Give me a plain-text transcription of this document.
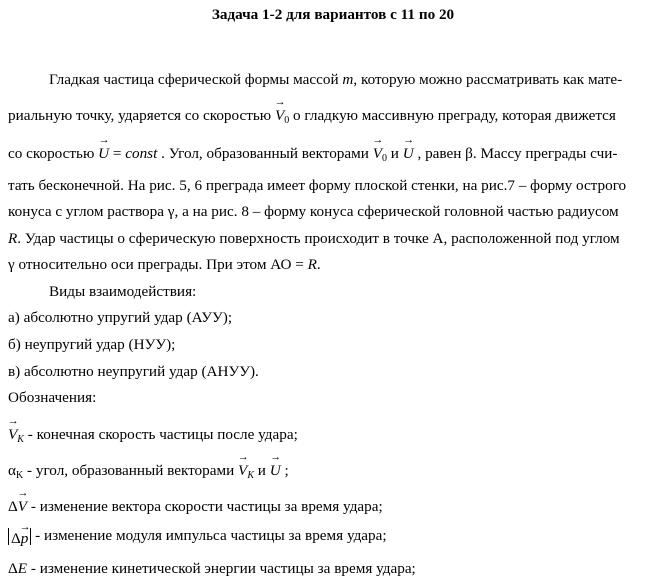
Задача 1-2 для вариантов с 11 по 20
Гладкая частица сферической формы массой m, которую можно рассматривать как мате-
риальную точку, ударяется со скоростью → $V_0$ о гладкую массивную преграду, которая движется
со скоростью → U = const . Угол, образованный векторами → $V_0$ и → U , равен β. Массу преграды счи-
тать бесконечной. На рис. 5, 6 преграда имеет форму плоской стенки, на рис.7 – форму острого
конуса с углом раствора γ, а на рис. 8 – форму конуса сферической головной частью радиусом
R. Удар частицы о сферическую поверхность происходит в точке А, расположенной под углом
γ относительно оси преграды. При этом АО = R.
Виды взаимодействия:
а) абсолютно упругий удар (АУУ);
б) неупругий удар (НУУ);
в) абсолютно неупругий удар (АНУУ).
Обозначения:
→ $V_K$ - конечная скорость частицы после удара;
$\alpha_K$ - угол, образованный векторами → $V_K$ и → U ;
Δ→ V - изменение вектора скорости частицы за время удара;
Δ→ p - изменение модуля импульса частицы за время удара;
ΔE - изменение кинетической энергии частицы за время удара;
